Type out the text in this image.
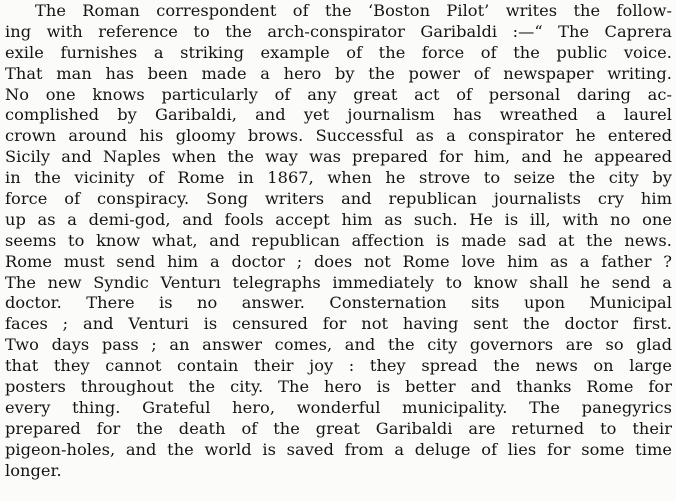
The Roman correspondent of the ‘Boston Pilot’ writes the follow-
ing with reference to the arch-conspirator Garibaldi :—“ The Caprera
exile furnishes a striking example of the force of the public voice.
That man has been made a hero by the power of newspaper writing.
No one knows particularly of any great act of personal daring ac-
complished by Garibaldi, and yet journalism has wreathed a laurel
crown around his gloomy brows. Successful as a conspirator he entered
Sicily and Naples when the way was prepared for him, and he appeared
in the vicinity of Rome in 1867, when he strove to seize the city by
force of conspiracy. Song writers and republican journalists cry him
up as a demi-god, and fools accept him as such. He is ill, with no one
seems to know what, and republican affection is made sad at the news.
Rome must send him a doctor ; does not Rome love him as a father ?
The new Syndic Venturı telegraphs immediately to know shall he send a
doctor. There is no answer. Consternation sits upon Municipal
faces ; and Venturi is censured for not having sent the doctor first.
Two days pass ; an answer comes, and the city governors are so glad
that they cannot contain their joy : they spread the news on large
posters throughout the city. The hero is better and thanks Rome for
every thing. Grateful hero, wonderful municipality. The panegyrics
prepared for the death of the great Garibaldi are returned to their
pigeon-holes, and the world is saved from a deluge of lies for some time
longer.
